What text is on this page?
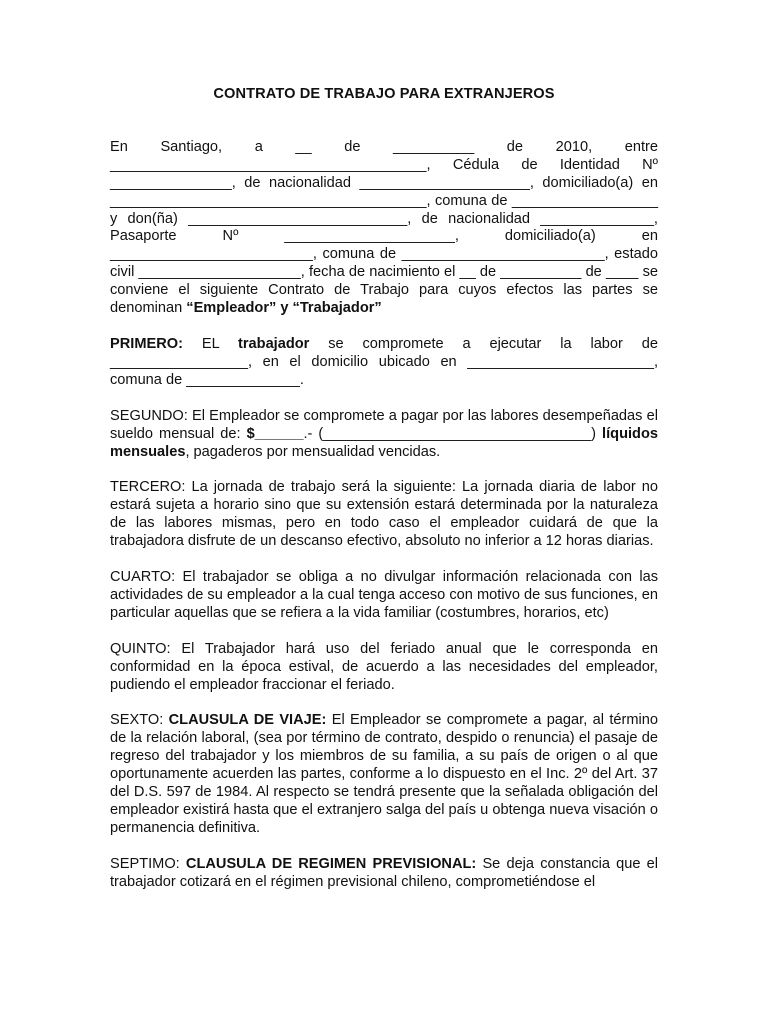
CONTRATO DE TRABAJO PARA EXTRANJEROS

En Santiago, a __ de __________ de 2010, entre _______________________________________, Cédula de Identidad Nº _______________, de nacionalidad _____________________, domiciliado(a) en _______________________________________, comuna de __________________ y don(ña) ___________________________, de nacionalidad ______________, Pasaporte Nº _____________________, domiciliado(a) en _________________________, comuna de _________________________, estado civil ____________________, fecha de nacimiento el __ de __________ de ____ se conviene el siguiente Contrato de Trabajo para cuyos efectos las partes se denominan “Empleador” y “Trabajador”

PRIMERO: EL trabajador se compromete a ejecutar la labor de _________________, en el domicilio ubicado en _______________________, comuna de ______________.

SEGUNDO: El Empleador se compromete a pagar por las labores desempeñadas el sueldo mensual de: $______.- (_________________________________) líquidos mensuales, pagaderos por mensualidad vencidas.

TERCERO: La jornada de trabajo será la siguiente: La jornada diaria de labor no estará sujeta a horario sino que su extensión estará determinada por la naturaleza de las labores mismas, pero en todo caso el empleador cuidará de que la trabajadora disfrute de un descanso efectivo, absoluto no inferior a 12 horas diarias.

CUARTO: El trabajador se obliga a no divulgar información relacionada con las actividades de su empleador a la cual tenga acceso con motivo de sus funciones, en particular aquellas que se refiera a la vida familiar (costumbres, horarios, etc)

QUINTO: El Trabajador hará uso del feriado anual que le corresponda en conformidad en la época estival, de acuerdo a las necesidades del empleador, pudiendo el empleador fraccionar el feriado.

SEXTO: CLAUSULA DE VIAJE: El Empleador se compromete a pagar, al término de la relación laboral, (sea por término de contrato, despido o renuncia) el pasaje de regreso del trabajador y los miembros de su familia, a su país de origen o al que oportunamente acuerden las partes, conforme a lo dispuesto en el Inc. 2º del Art. 37 del D.S. 597 de 1984. Al respecto se tendrá presente que la señalada obligación del empleador existirá hasta que el extranjero salga del país u obtenga nueva visación o permanencia definitiva.

SEPTIMO: CLAUSULA DE REGIMEN PREVISIONAL: Se deja constancia que el trabajador cotizará en el régimen previsional chileno, comprometiéndose el
